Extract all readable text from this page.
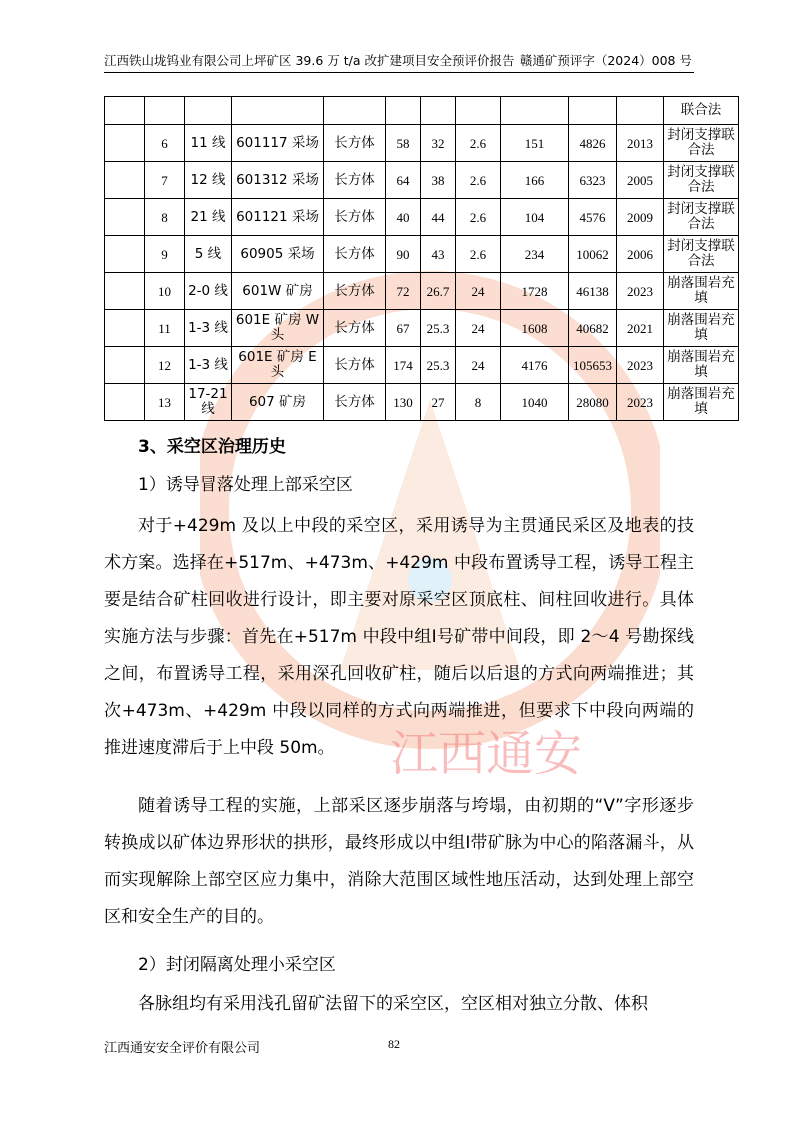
江西铁山垅钨业有限公司上坪矿区 39.6 万 t/a 改扩建项目安全预评价报告 赣通矿预评字（2024）008 号
江西通安
											联合法
	6	11 线	601117 采场	长方体	58	32	2.6	151	4826	2013	封闭支撑联合法
	7	12 线	601312 采场	长方体	64	38	2.6	166	6323	2005	封闭支撑联合法
	8	21 线	601121 采场	长方体	40	44	2.6	104	4576	2009	封闭支撑联合法
	9	5 线	60905 采场	长方体	90	43	2.6	234	10062	2006	封闭支撑联合法
	10	2-0 线	601W 矿房	长方体	72	26.7	24	1728	46138	2023	崩落围岩充填
	11	1-3 线	601E 矿房 W 头	长方体	67	25.3	24	1608	40682	2021	崩落围岩充填
	12	1-3 线	601E 矿房 E 头	长方体	174	25.3	24	4176	105653	2023	崩落围岩充填
	13	17-21 线	607 矿房	长方体	130	27	8	1040	28080	2023	崩落围岩充填
3、采空区治理历史
1）诱导冒落处理上部采空区

对于+429m 及以上中段的采空区，采用诱导为主贯通民采区及地表的技术方案。选择在+517m、+473m、+429m 中段布置诱导工程，诱导工程主要是结合矿柱回收进行设计，即主要对原采空区顶底柱、间柱回收进行。具体实施方法与步骤：首先在+517m 中段中组Ⅰ号矿带中间段，即 2～4 号勘探线之间，布置诱导工程，采用深孔回收矿柱，随后以后退的方式向两端推进；其次+473m、+429m 中段以同样的方式向两端推进，但要求下中段向两端的推进速度滞后于上中段 50m。

随着诱导工程的实施，上部采区逐步崩落与垮塌，由初期的“V”字形逐步转换成以矿体边界形状的拱形，最终形成以中组Ⅰ带矿脉为中心的陷落漏斗，从而实现解除上部空区应力集中，消除大范围区域性地压活动，达到处理上部空区和安全生产的目的。

2）封闭隔离处理小采空区

各脉组均有采用浅孔留矿法留下的采空区，空区相对独立分散、体积

江西通安安全评价有限公司	82
